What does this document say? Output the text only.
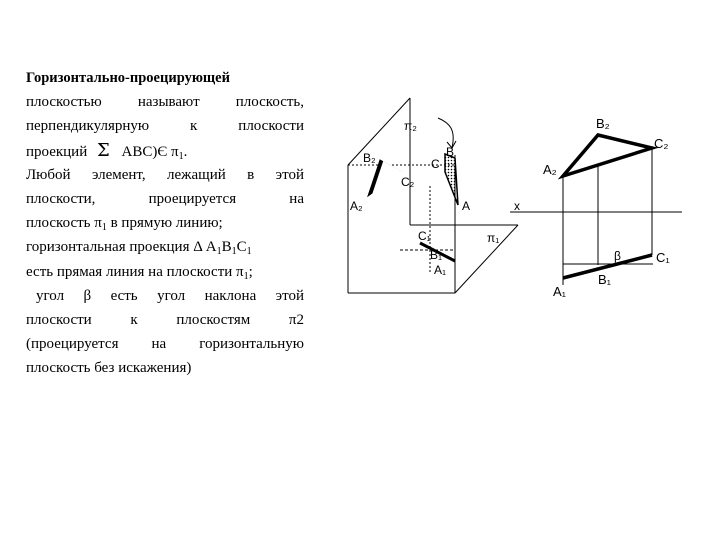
Горизонтально-проецирующей
плоскостью называют плоскость,
перпендикулярную	к	плоскости
проекций Σ ABC)Є $\pi_1$.
Любой элемент, лежащий в этой
плоскости,	проецируется	на
плоскость $\pi_1$ в прямую линию;
горизонтальная проекция Δ $A_1B_1C_1$
есть прямая линия на плоскости $\pi_1$;
угол β есть угол наклона этой
плоскости	к	плоскостям	π2
(проецируется на горизонтальную
плоскость без искажения)
π₂
B₂
C₂
A₂
B
C
A
C₁	π₁
B₁
A₁
x
B₂
C₂
A₂
β	C₁
B₁
A₁
